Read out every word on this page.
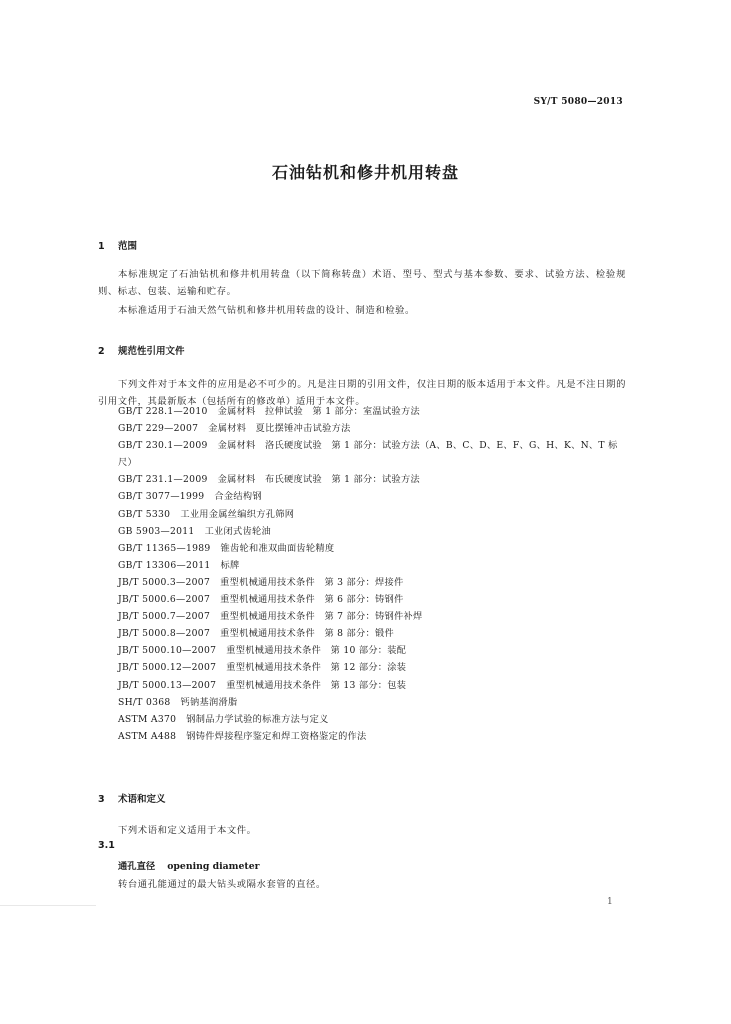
SY/T 5080—2013
石油钻机和修井机用转盘
1 范围
本标准规定了石油钻机和修井机用转盘（以下简称转盘）术语、型号、型式与基本参数、要求、试验方法、检验规则、标志、包装、运输和贮存。
本标准适用于石油天然气钻机和修井机用转盘的设计、制造和检验。
2 规范性引用文件
下列文件对于本文件的应用是必不可少的。凡是注日期的引用文件，仅注日期的版本适用于本文件。凡是不注日期的引用文件，其最新版本（包括所有的修改单）适用于本文件。
GB/T 228.1—2010 金属材料　拉伸试验　第 1 部分：室温试验方法
GB/T 229—2007 金属材料　夏比摆锤冲击试验方法
GB/T 230.1—2009 金属材料　洛氏硬度试验　第 1 部分：试验方法（A、B、C、D、E、F、G、H、K、N、T 标尺）
GB/T 231.1—2009 金属材料　布氏硬度试验　第 1 部分：试验方法
GB/T 3077—1999 合金结构钢
GB/T 5330 工业用金属丝编织方孔筛网
GB 5903—2011 工业闭式齿轮油
GB/T 11365—1989 锥齿轮和准双曲面齿轮精度
GB/T 13306—2011 标牌
JB/T 5000.3—2007 重型机械通用技术条件　第 3 部分：焊接件
JB/T 5000.6—2007 重型机械通用技术条件　第 6 部分：铸钢件
JB/T 5000.7—2007 重型机械通用技术条件　第 7 部分：铸钢件补焊
JB/T 5000.8—2007 重型机械通用技术条件　第 8 部分：锻件
JB/T 5000.10—2007 重型机械通用技术条件　第 10 部分：装配
JB/T 5000.12—2007 重型机械通用技术条件　第 12 部分：涂装
JB/T 5000.13—2007 重型机械通用技术条件　第 13 部分：包装
SH/T 0368 钙钠基润滑脂
ASTM A370 钢制品力学试验的标准方法与定义
ASTM A488 钢铸件焊接程序鉴定和焊工资格鉴定的作法
3 术语和定义
下列术语和定义适用于本文件。
3.1
通孔直径 opening diameter
转台通孔能通过的最大钻头或隔水套管的直径。
1
